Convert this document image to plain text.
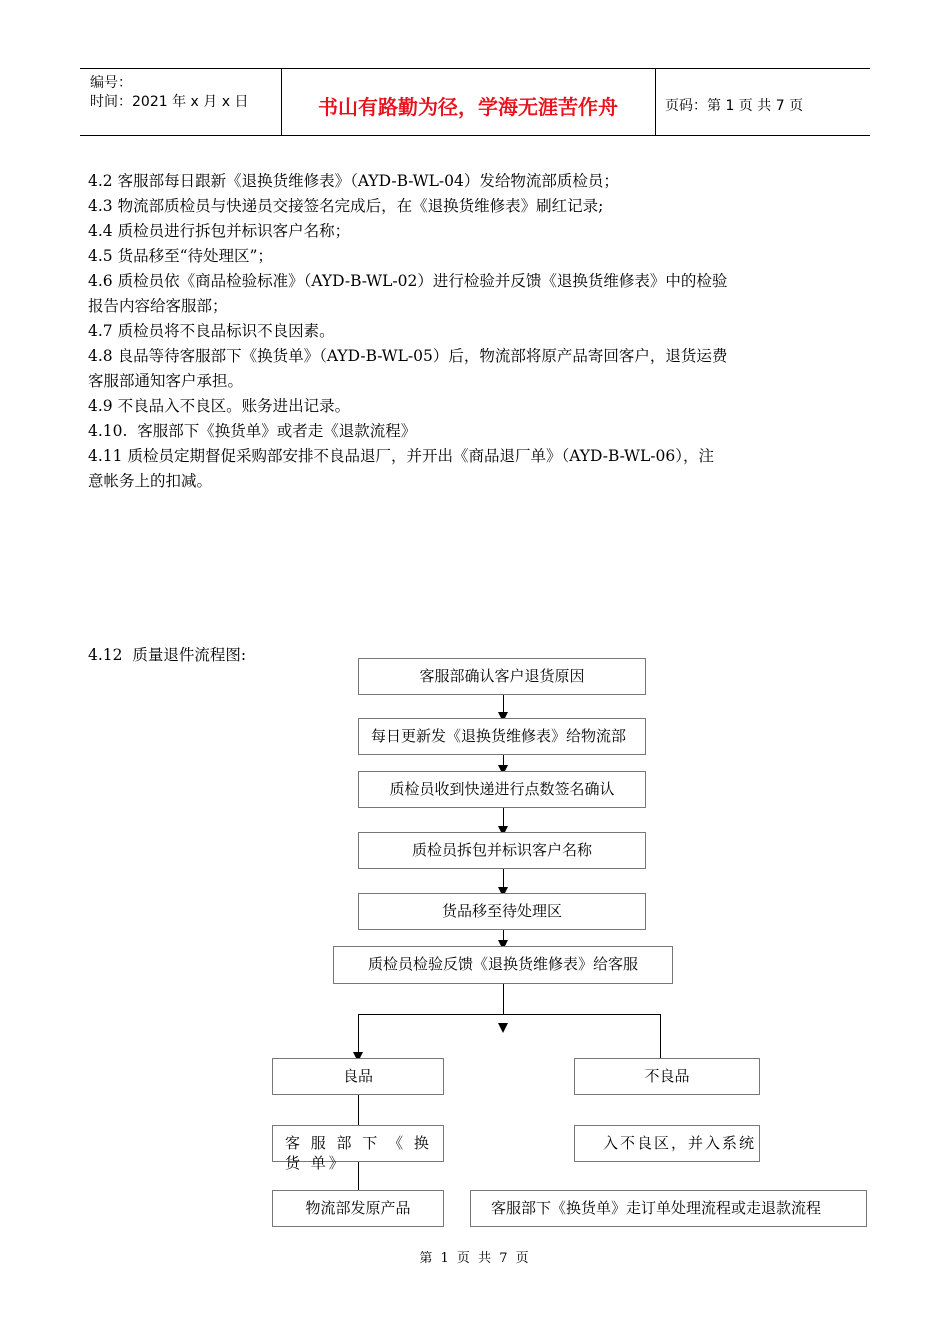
编号：
时间：2021 年 x 月 x 日	书山有路勤为径，学海无涯苦作舟	页码：第 1 页 共 7 页
4.2 客服部每日跟新《退换货维修表》（AYD-B-WL-04）发给物流部质检员；
4.3 物流部质检员与快递员交接签名完成后，在《退换货维修表》刷红记录;
4.4 质检员进行拆包并标识客户名称；
4.5 货品移至“待处理区”；
4.6 质检员依《商品检验标准》（AYD-B-WL-02）进行检验并反馈《退换货维修表》中的检验
报告内容给客服部；
4.7 质检员将不良品标识不良因素。
4.8 良品等待客服部下《换货单》（AYD-B-WL-05）后，物流部将原产品寄回客户，退货运费
客服部通知客户承担。
4.9 不良品入不良区。账务进出记录。
4.10.  客服部下《换货单》或者走《退款流程》
4.11 质检员定期督促采购部安排不良品退厂，并开出《商品退厂单》（AYD-B-WL-06），注
意帐务上的扣减。
4.12  质量退件流程图:
客服部确认客户退货原因
每日更新发《退换货维修表》给物流部
质检员收到快递进行点数签名确认
质检员拆包并标识客户名称
货品移至待处理区
质检员检验反馈《退换货维修表》给客服
良品	不良品
客 服 部 下 《 换 货 单》
入不良区，并入系统
物流部发原产品	客服部下《换货单》走订单处理流程或走退款流程
第 1 页 共 7 页
